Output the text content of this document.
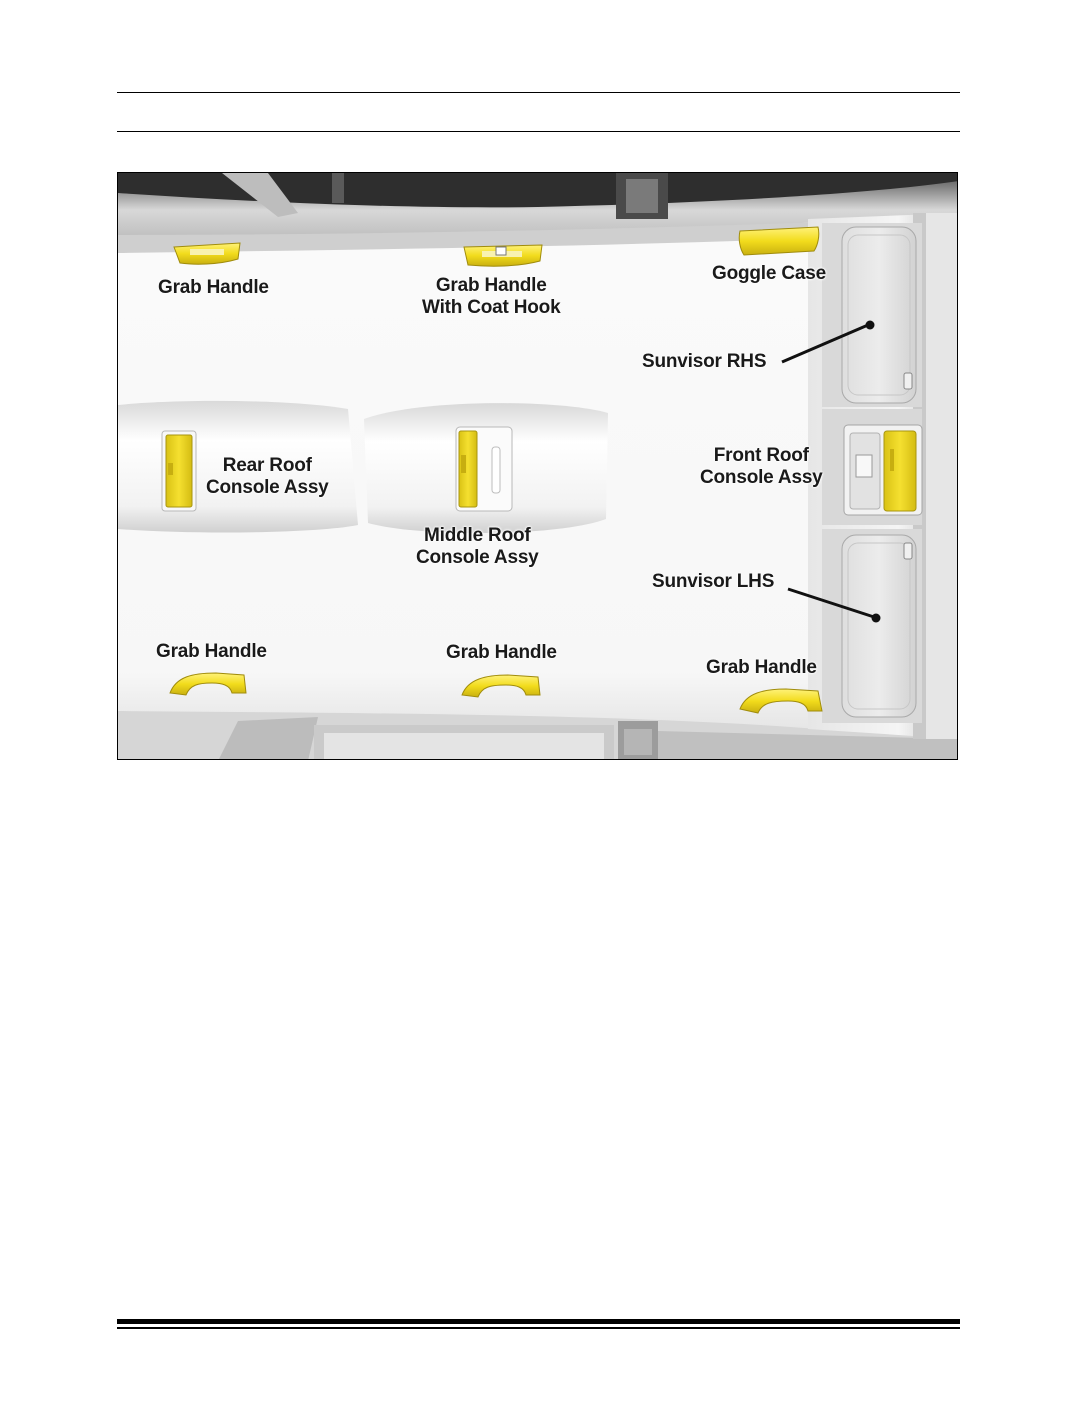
Grab Handle	Grab Handle
With Coat Hook
Goggle Case
Sunvisor RHS
Rear Roof
Console Assy
Middle Roof
Console Assy
Front Roof
Console Assy
Sunvisor LHS
Grab Handle	Grab Handle
Grab Handle
